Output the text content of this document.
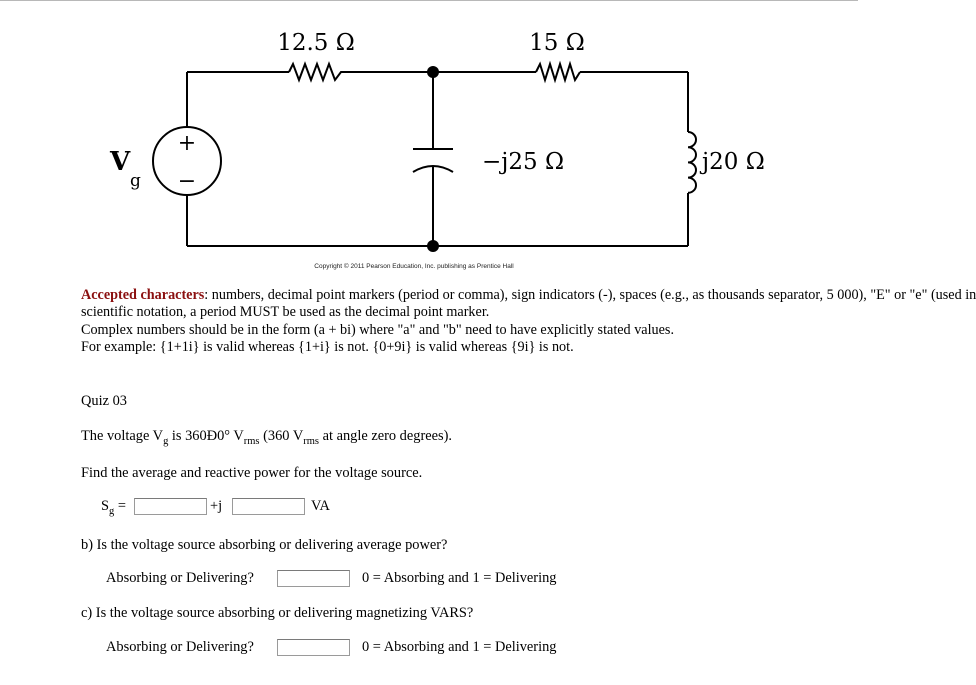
+
−
12.5 Ω	15 Ω
−j25 Ω	j20 Ω
V
g
Copyright © 2011 Pearson Education, Inc. publishing as Prentice Hall
Accepted characters: numbers, decimal point markers (period or comma), sign indicators (-), spaces (e.g., as thousands separator, 5 000), "E" or "e" (used in
scientific notation, a period MUST be used as the decimal point marker.
Complex numbers should be in the form (a + bi) where "a" and "b" need to have explicitly stated values.
For example: {1+1i} is valid whereas {1+i} is not. {0+9i} is valid whereas {9i} is not.
Quiz 03
The voltage $V_g$ is 360Ð0° $V_{rms}$ (360 $V_{rms}$ at angle zero degrees).
Find the average and reactive power for the voltage source.
$S_g$ =	+j	VA
b) Is the voltage source absorbing or delivering average power?
Absorbing or Delivering?	0 = Absorbing and 1 = Delivering
c) Is the voltage source absorbing or delivering magnetizing VARS?
Absorbing or Delivering?	0 = Absorbing and 1 = Delivering
